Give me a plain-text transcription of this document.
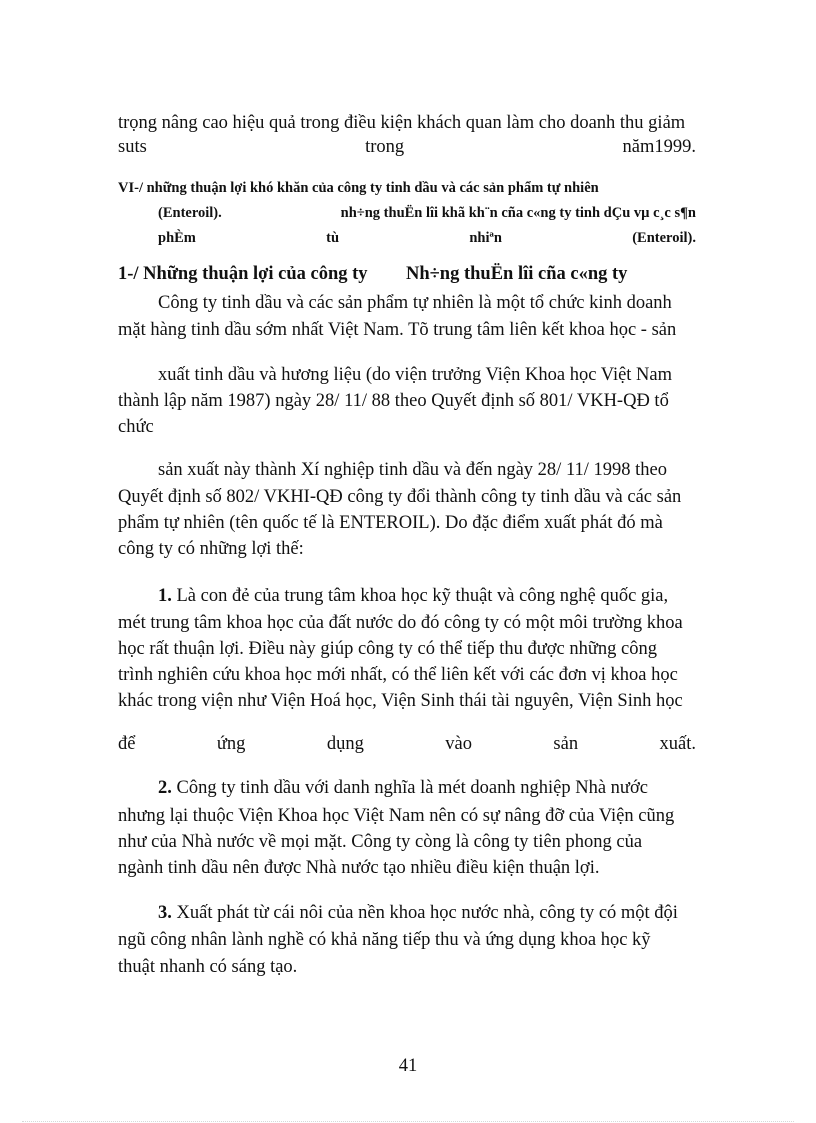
trọng nâng cao hiệu quả trong điều kiện khách quan làm cho doanh thu giảm

suts	trong	năm1999.

VI-/ những thuận lợi khó khăn của công ty tinh dầu và các sản phẩm tự nhiên

(Enteroil).	nh÷ng thuËn lîi khã kh¨n cña c«ng ty tinh dÇu vµ c¸c s¶n

phÈm	tù	nhiªn	(Enteroil).

1-/ Những thuận lợi của công ty Nh÷ng thuËn lîi cña c«ng ty

Công ty tinh dầu và các sản phẩm tự nhiên là một tổ chức kinh doanh

mặt hàng tinh dầu sớm nhất Việt Nam. Tõ trung tâm liên kết khoa học - sản

xuất tinh dầu và hương liệu (do viện trưởng Viện Khoa học Việt Nam

thành lập năm 1987) ngày 28/ 11/ 88 theo Quyết định số 801/ VKH-QĐ tổ

chức

sản xuất này thành Xí nghiệp tinh dầu và đến ngày 28/ 11/ 1998 theo

Quyết định số 802/ VKHI-QĐ công ty đổi thành công ty tinh dầu và các sản

phẩm tự nhiên (tên quốc tế là ENTEROIL). Do đặc điểm xuất phát đó mà

công ty có những lợi thế:

1. Là con đẻ của trung tâm khoa học kỹ thuật và công nghệ quốc gia,

mét trung tâm khoa học của đất nước do đó công ty có một môi trường khoa

học rất thuận lợi. Điều này giúp công ty có thể tiếp thu được những công

trình nghiên cứu khoa học mới nhất, có thể liên kết với các đơn vị khoa học

khác trong viện như Viện Hoá học, Viện Sinh thái tài nguyên, Viện Sinh học

để	ứng	dụng	vào	sản	xuất.

2. Công ty tinh dầu với danh nghĩa là mét doanh nghiệp Nhà nước

nhưng lại thuộc Viện Khoa học Việt Nam nên có sự nâng đỡ của Viện cũng

như của Nhà nước về mọi mặt. Công ty còng là công ty tiên phong của

ngành tinh dầu nên được Nhà nước tạo nhiều điều kiện thuận lợi.

3. Xuất phát từ cái nôi của nền khoa học nước nhà, công ty có một đội

ngũ công nhân lành nghề có khả năng tiếp thu và ứng dụng khoa học kỹ

thuật nhanh có sáng tạo.

41
